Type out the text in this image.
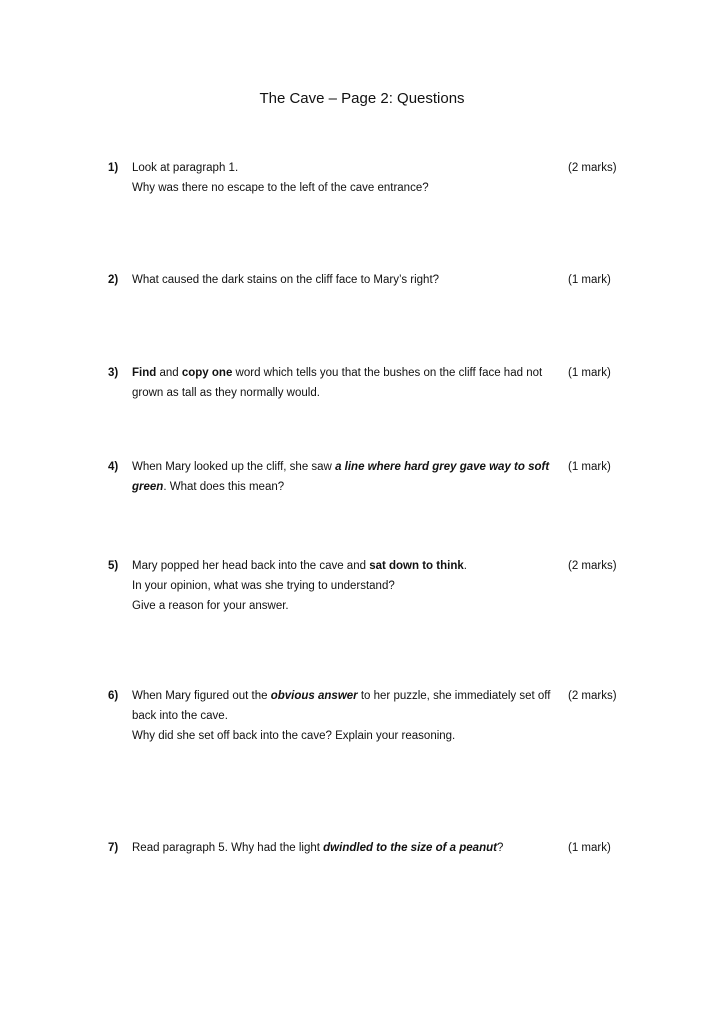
The Cave – Page 2: Questions
1) Look at paragraph 1.
Why was there no escape to the left of the cave entrance?
(2 marks)
2) What caused the dark stains on the cliff face to Mary’s right?	(1 mark)
3) Find and copy one word which tells you that the bushes on the cliff face had not grown as tall as they normally would.
(1 mark)
4) When Mary looked up the cliff, she saw a line where hard grey gave way to soft green. What does this mean?
(1 mark)
5) Mary popped her head back into the cave and sat down to think.
In your opinion, what was she trying to understand?
Give a reason for your answer.
(2 marks)
6) When Mary figured out the obvious answer to her puzzle, she immediately set off back into the cave.
Why did she set off back into the cave? Explain your reasoning.
(2 marks)
7) Read paragraph 5. Why had the light dwindled to the size of a peanut?	(1 mark)
